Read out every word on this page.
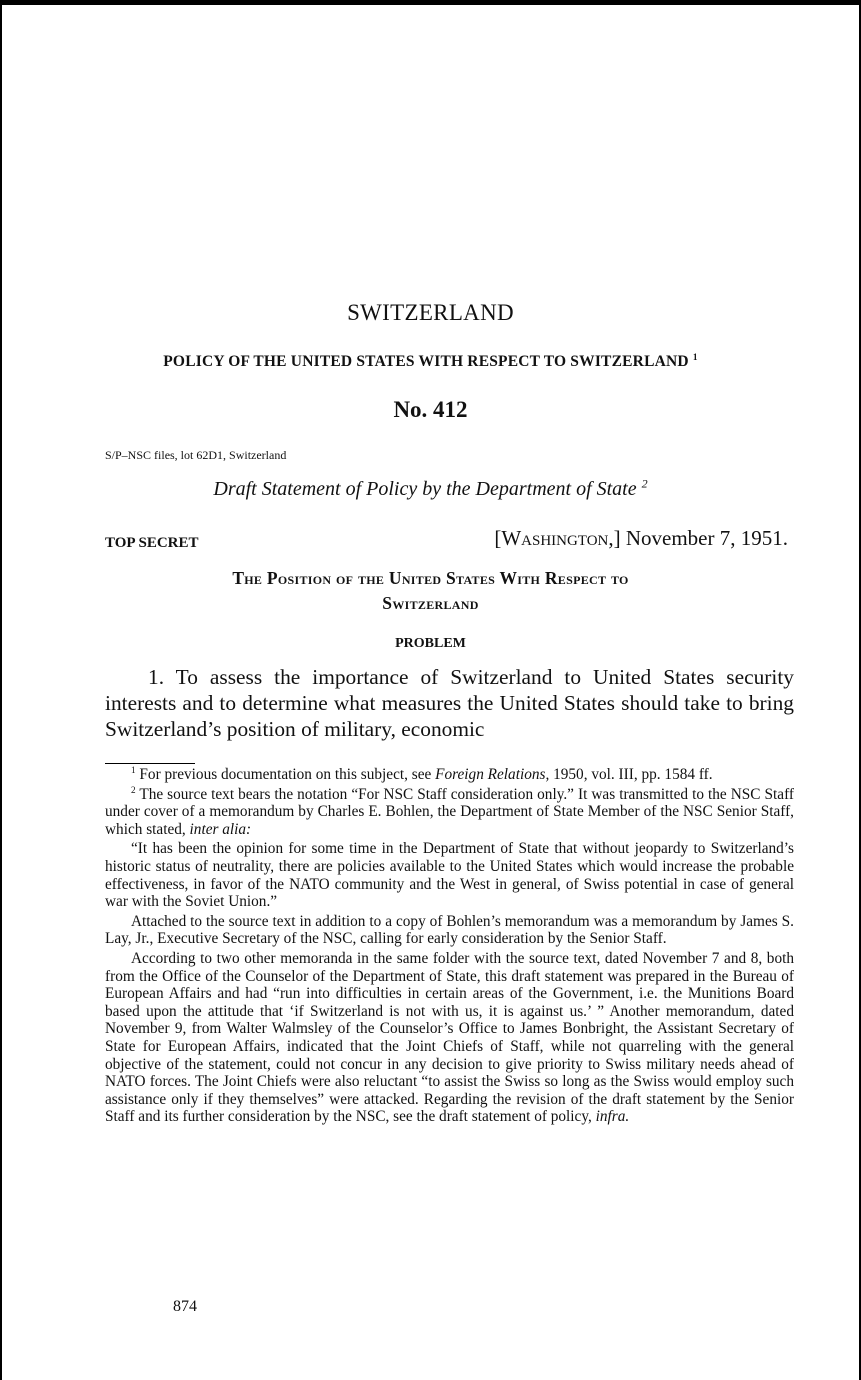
SWITZERLAND
POLICY OF THE UNITED STATES WITH RESPECT TO SWITZERLAND $^1$
No. 412
S/P–NSC files, lot 62D1, Switzerland
Draft Statement of Policy by the Department of State $^2$
TOP SECRET	[Washington,] November 7, 1951.
The Position of the United States With Respect to
Switzerland
PROBLEM

1. To assess the importance of Switzerland to United States security interests and to determine what measures the United States should take to bring Switzerland’s position of military, economic

$^1$ For previous documentation on this subject, see Foreign Relations, 1950, vol. III, pp. 1584 ff.

$^2$ The source text bears the notation “For NSC Staff consideration only.” It was transmitted to the NSC Staff under cover of a memorandum by Charles E. Bohlen, the Department of State Member of the NSC Senior Staff, which stated, inter alia:

“It has been the opinion for some time in the Department of State that without jeopardy to Switzerland’s historic status of neutrality, there are policies available to the United States which would increase the probable effectiveness, in favor of the NATO community and the West in general, of Swiss potential in case of general war with the Soviet Union.”

Attached to the source text in addition to a copy of Bohlen’s memorandum was a memorandum by James S. Lay, Jr., Executive Secretary of the NSC, calling for early consideration by the Senior Staff.

According to two other memoranda in the same folder with the source text, dated November 7 and 8, both from the Office of the Counselor of the Department of State, this draft statement was prepared in the Bureau of European Affairs and had “run into difficulties in certain areas of the Government, i.e. the Munitions Board based upon the attitude that ‘if Switzerland is not with us, it is against us.’ ” Another memorandum, dated November 9, from Walter Walmsley of the Counselor’s Office to James Bonbright, the Assistant Secretary of State for European Affairs, indicated that the Joint Chiefs of Staff, while not quarreling with the general objective of the statement, could not concur in any decision to give priority to Swiss military needs ahead of NATO forces. The Joint Chiefs were also reluctant “to assist the Swiss so long as the Swiss would employ such assistance only if they themselves” were attacked. Regarding the revision of the draft statement by the Senior Staff and its further consideration by the NSC, see the draft statement of policy, infra.

874
